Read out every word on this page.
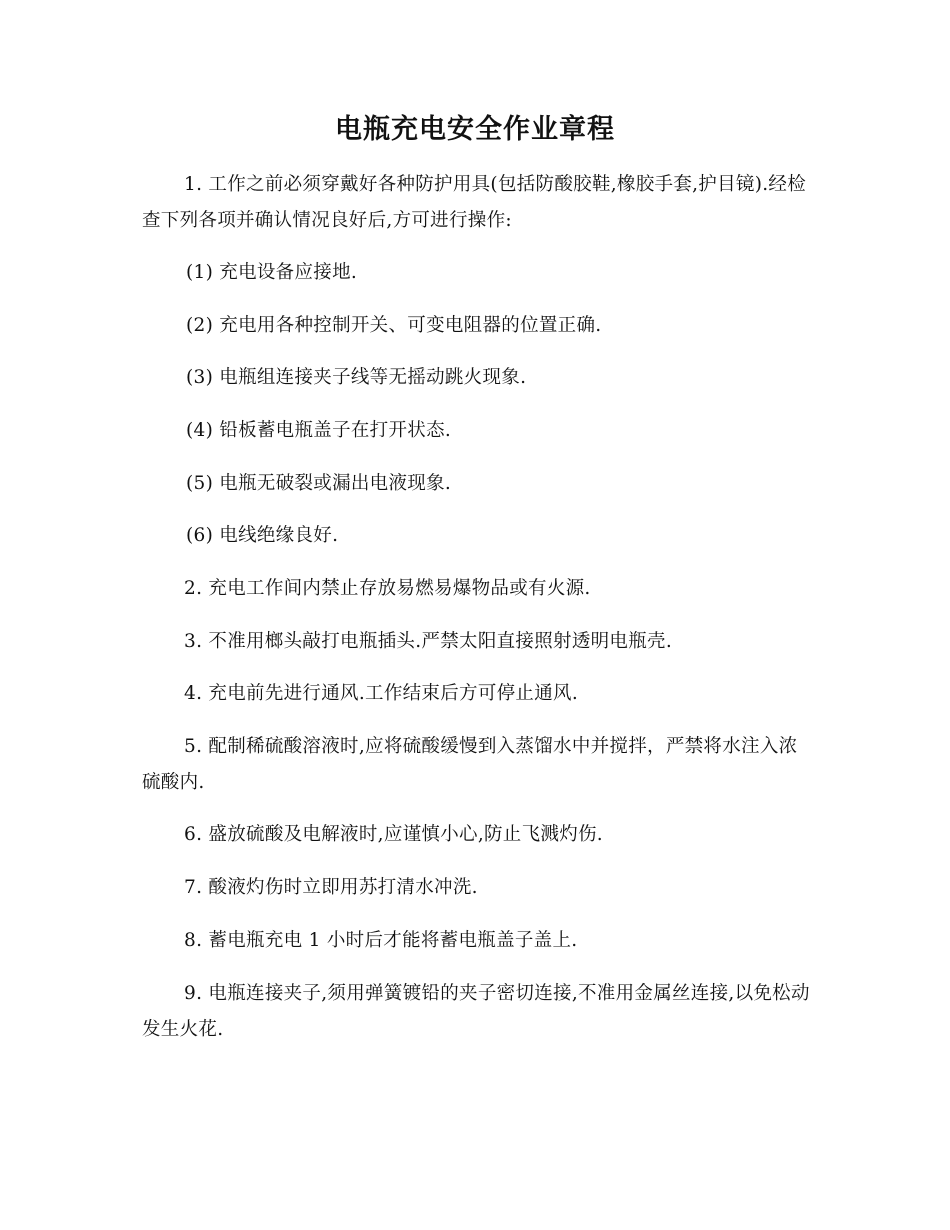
电瓶充电安全作业章程
1. 工作之前必须穿戴好各种防护用具(包括防酸胶鞋,橡胶手套,护目镜).经检查下列各项并确认情况良好后,方可进行操作:
(1) 充电设备应接地.
(2) 充电用各种控制开关、可变电阻器的位置正确.
(3) 电瓶组连接夹子线等无摇动跳火现象.
(4) 铅板蓄电瓶盖子在打开状态.
(5) 电瓶无破裂或漏出电液现象.
(6) 电线绝缘良好.
2. 充电工作间内禁止存放易燃易爆物品或有火源.
3. 不准用榔头敲打电瓶插头.严禁太阳直接照射透明电瓶壳.
4. 充电前先进行通风.工作结束后方可停止通风.
5. 配制稀硫酸溶液时,应将硫酸缓慢到入蒸馏水中并搅拌，严禁将水注入浓硫酸内.
6. 盛放硫酸及电解液时,应谨慎小心,防止飞溅灼伤.
7. 酸液灼伤时立即用苏打清水冲洗.
8. 蓄电瓶充电 1 小时后才能将蓄电瓶盖子盖上.
9. 电瓶连接夹子,须用弹簧镀铅的夹子密切连接,不准用金属丝连接,以免松动发生火花.
